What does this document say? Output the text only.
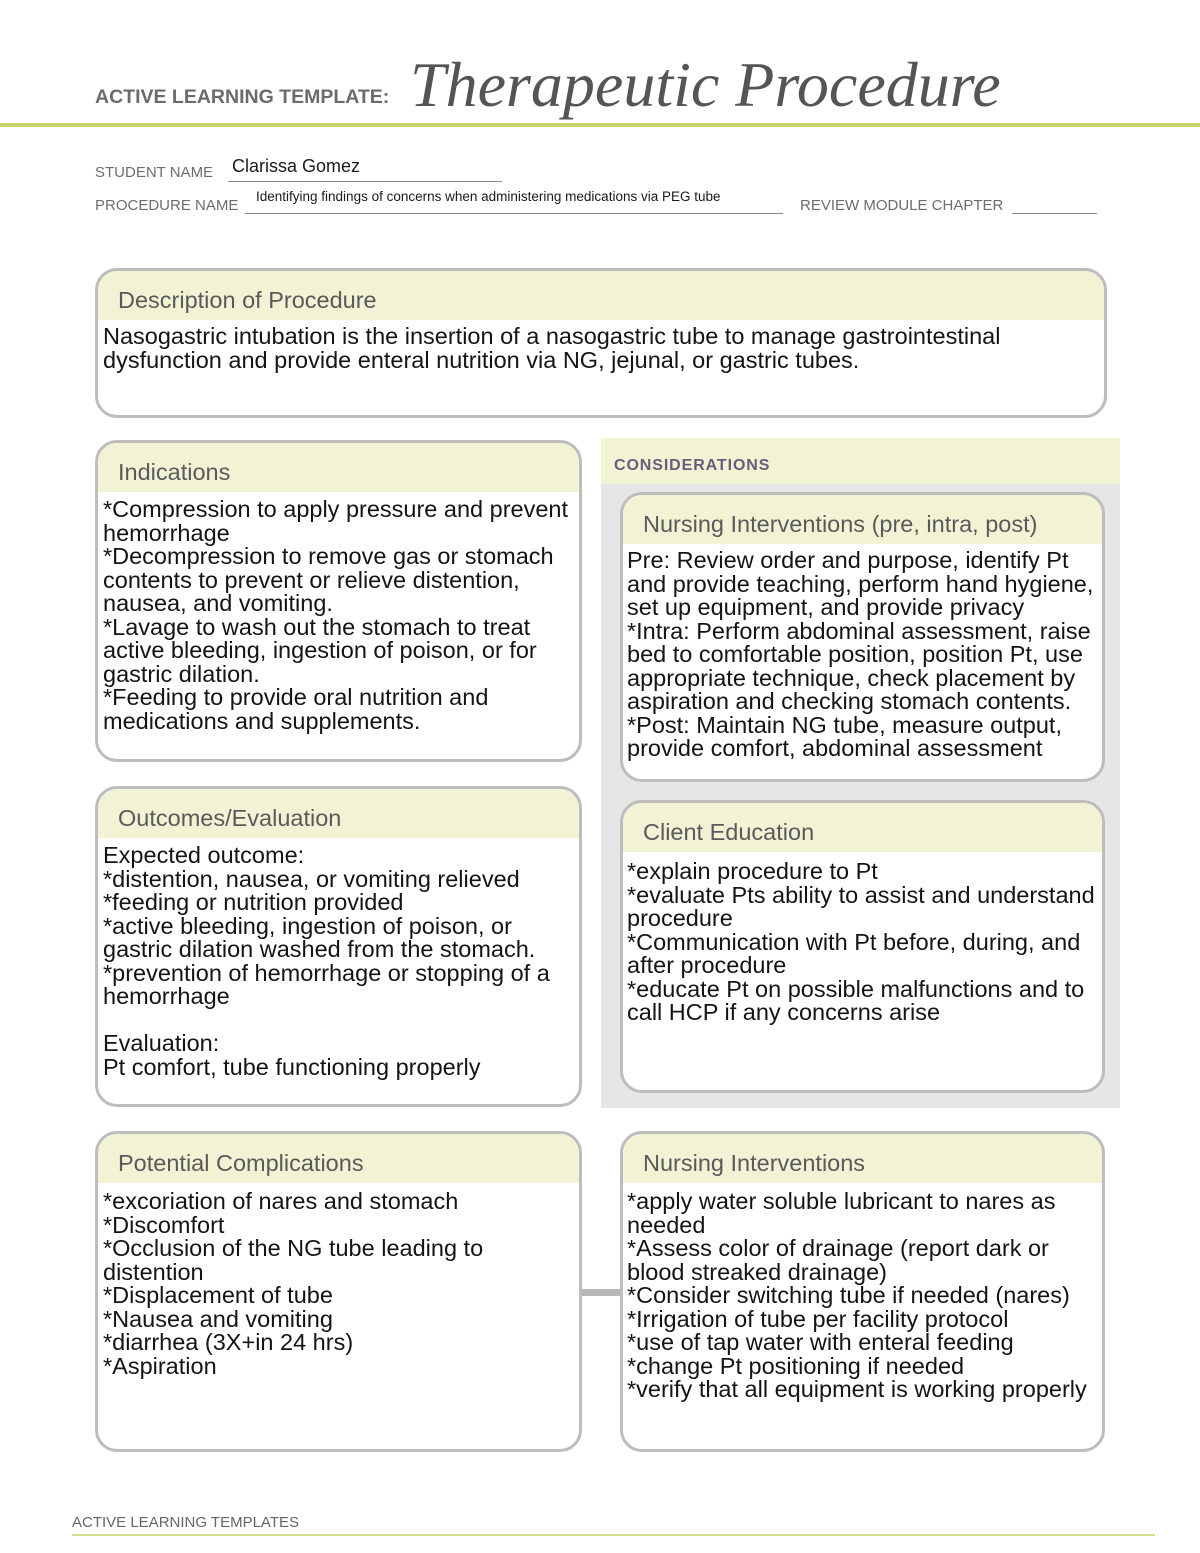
ACTIVE LEARNING TEMPLATE: Therapeutic Procedure
STUDENT NAME Clarissa Gomez
PROCEDURE NAME
Identifying findings of concerns when administering medications via PEG tube
REVIEW MODULE CHAPTER
Description of Procedure
Nasogastric intubation is the insertion of a nasogastric tube to manage gastrointestinal
dysfunction and provide enteral nutrition via NG, jejunal, or gastric tubes.
CONSIDERATIONS
Indications
*Compression to apply pressure and prevent
hemorrhage
*Decompression to remove gas or stomach
contents to prevent or relieve distention,
nausea, and vomiting.
*Lavage to wash out the stomach to treat
active bleeding, ingestion of poison, or for
gastric dilation.
*Feeding to provide oral nutrition and
medications and supplements.
Nursing Interventions (pre, intra, post)
Pre: Review order and purpose, identify Pt
and provide teaching, perform hand hygiene,
set up equipment, and provide privacy
*Intra: Perform abdominal assessment, raise
bed to comfortable position, position Pt, use
appropriate technique, check placement by
aspiration and checking stomach contents.
*Post: Maintain NG tube, measure output,
provide comfort, abdominal assessment
Outcomes/Evaluation
Expected outcome:
*distention, nausea, or vomiting relieved
*feeding or nutrition provided
*active bleeding, ingestion of poison, or
gastric dilation washed from the stomach.
*prevention of hemorrhage or stopping of a
hemorrhage
Evaluation:
Pt comfort, tube functioning properly
Client Education
*explain procedure to Pt
*evaluate Pts ability to assist and understand
procedure
*Communication with Pt before, during, and
after procedure
*educate Pt on possible malfunctions and to
call HCP if any concerns arise
Potential Complications
*excoriation of nares and stomach
*Discomfort
*Occlusion of the NG tube leading to
distention
*Displacement of tube
*Nausea and vomiting
*diarrhea (3X+in 24 hrs)
*Aspiration
Nursing Interventions
*apply water soluble lubricant to nares as
needed
*Assess color of drainage (report dark or
blood streaked drainage)
*Consider switching tube if needed (nares)
*Irrigation of tube per facility protocol
*use of tap water with enteral feeding
*change Pt positioning if needed
*verify that all equipment is working properly
ACTIVE LEARNING TEMPLATES
